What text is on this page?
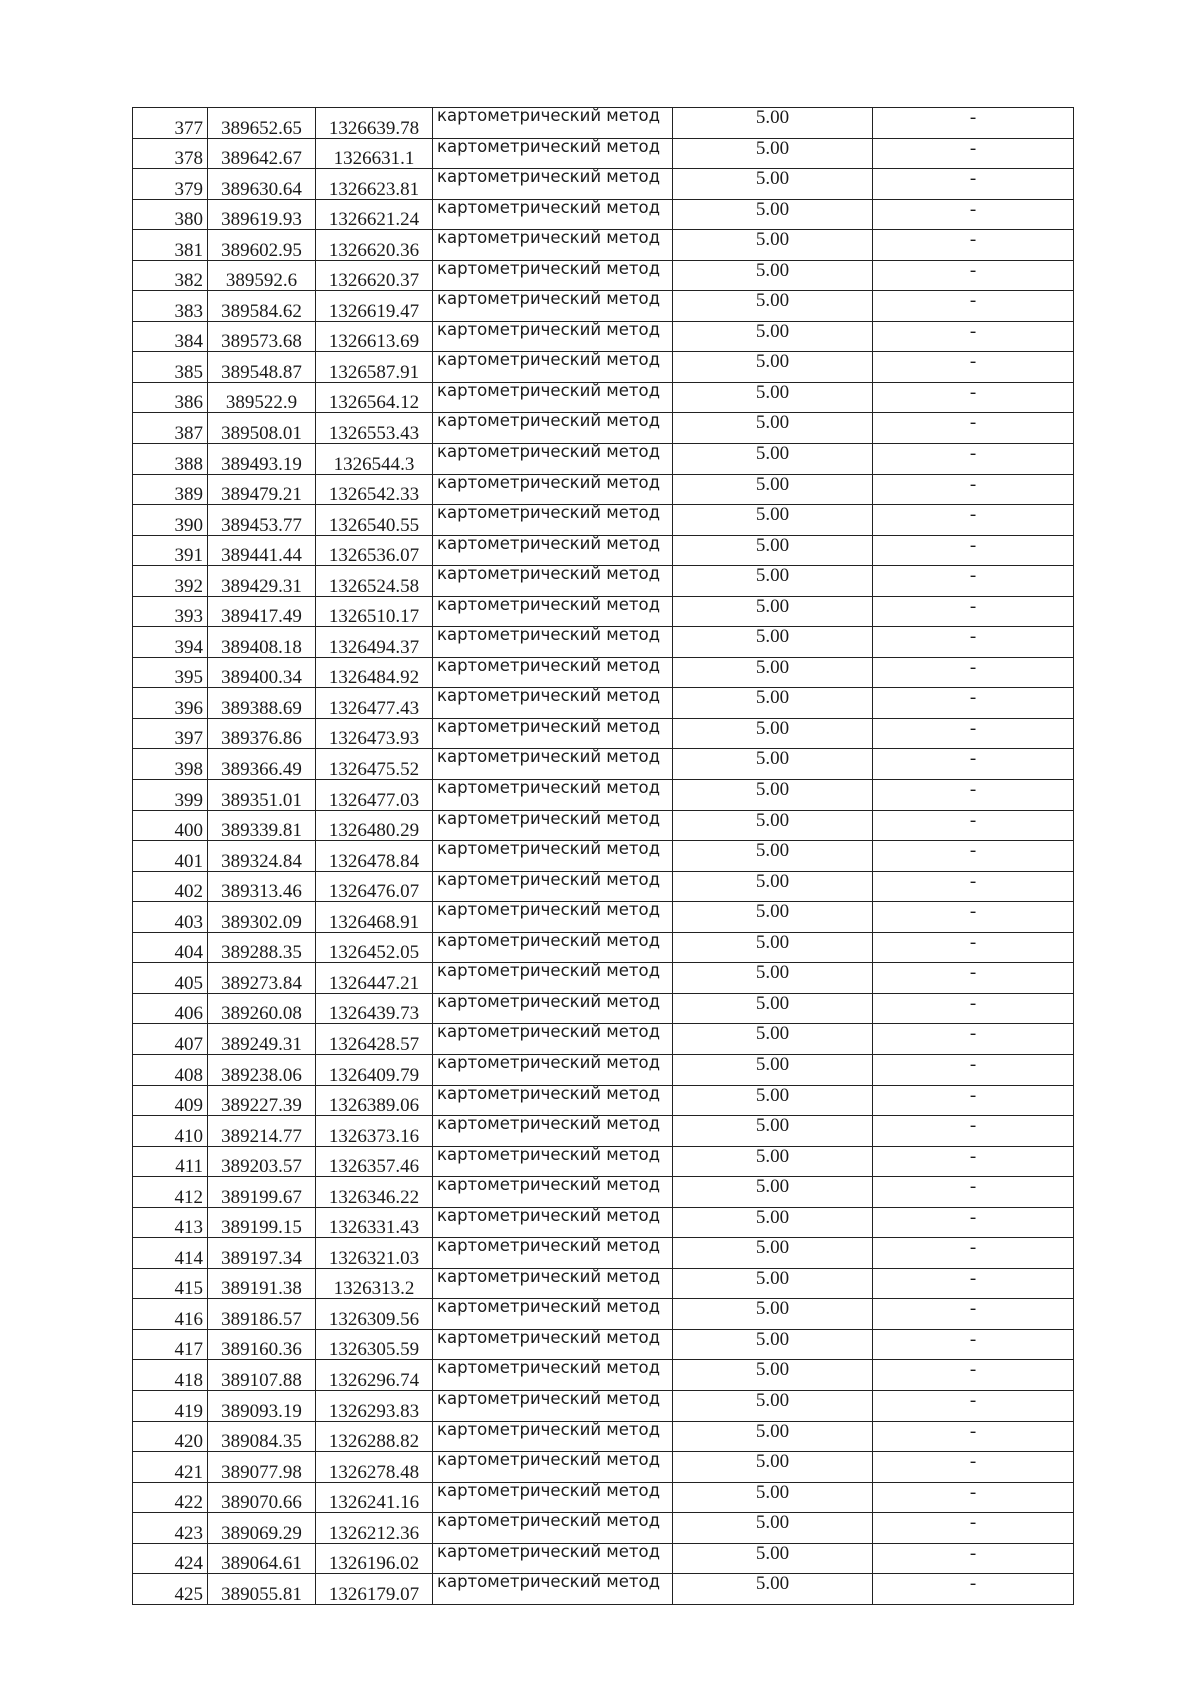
377	389652.65	1326639.78	картометрический метод	5.00	-
378	389642.67	1326631.1	картометрический метод	5.00	-
379	389630.64	1326623.81	картометрический метод	5.00	-
380	389619.93	1326621.24	картометрический метод	5.00	-
381	389602.95	1326620.36	картометрический метод	5.00	-
382	389592.6	1326620.37	картометрический метод	5.00	-
383	389584.62	1326619.47	картометрический метод	5.00	-
384	389573.68	1326613.69	картометрический метод	5.00	-
385	389548.87	1326587.91	картометрический метод	5.00	-
386	389522.9	1326564.12	картометрический метод	5.00	-
387	389508.01	1326553.43	картометрический метод	5.00	-
388	389493.19	1326544.3	картометрический метод	5.00	-
389	389479.21	1326542.33	картометрический метод	5.00	-
390	389453.77	1326540.55	картометрический метод	5.00	-
391	389441.44	1326536.07	картометрический метод	5.00	-
392	389429.31	1326524.58	картометрический метод	5.00	-
393	389417.49	1326510.17	картометрический метод	5.00	-
394	389408.18	1326494.37	картометрический метод	5.00	-
395	389400.34	1326484.92	картометрический метод	5.00	-
396	389388.69	1326477.43	картометрический метод	5.00	-
397	389376.86	1326473.93	картометрический метод	5.00	-
398	389366.49	1326475.52	картометрический метод	5.00	-
399	389351.01	1326477.03	картометрический метод	5.00	-
400	389339.81	1326480.29	картометрический метод	5.00	-
401	389324.84	1326478.84	картометрический метод	5.00	-
402	389313.46	1326476.07	картометрический метод	5.00	-
403	389302.09	1326468.91	картометрический метод	5.00	-
404	389288.35	1326452.05	картометрический метод	5.00	-
405	389273.84	1326447.21	картометрический метод	5.00	-
406	389260.08	1326439.73	картометрический метод	5.00	-
407	389249.31	1326428.57	картометрический метод	5.00	-
408	389238.06	1326409.79	картометрический метод	5.00	-
409	389227.39	1326389.06	картометрический метод	5.00	-
410	389214.77	1326373.16	картометрический метод	5.00	-
411	389203.57	1326357.46	картометрический метод	5.00	-
412	389199.67	1326346.22	картометрический метод	5.00	-
413	389199.15	1326331.43	картометрический метод	5.00	-
414	389197.34	1326321.03	картометрический метод	5.00	-
415	389191.38	1326313.2	картометрический метод	5.00	-
416	389186.57	1326309.56	картометрический метод	5.00	-
417	389160.36	1326305.59	картометрический метод	5.00	-
418	389107.88	1326296.74	картометрический метод	5.00	-
419	389093.19	1326293.83	картометрический метод	5.00	-
420	389084.35	1326288.82	картометрический метод	5.00	-
421	389077.98	1326278.48	картометрический метод	5.00	-
422	389070.66	1326241.16	картометрический метод	5.00	-
423	389069.29	1326212.36	картометрический метод	5.00	-
424	389064.61	1326196.02	картометрический метод	5.00	-
425	389055.81	1326179.07	картометрический метод	5.00	-
